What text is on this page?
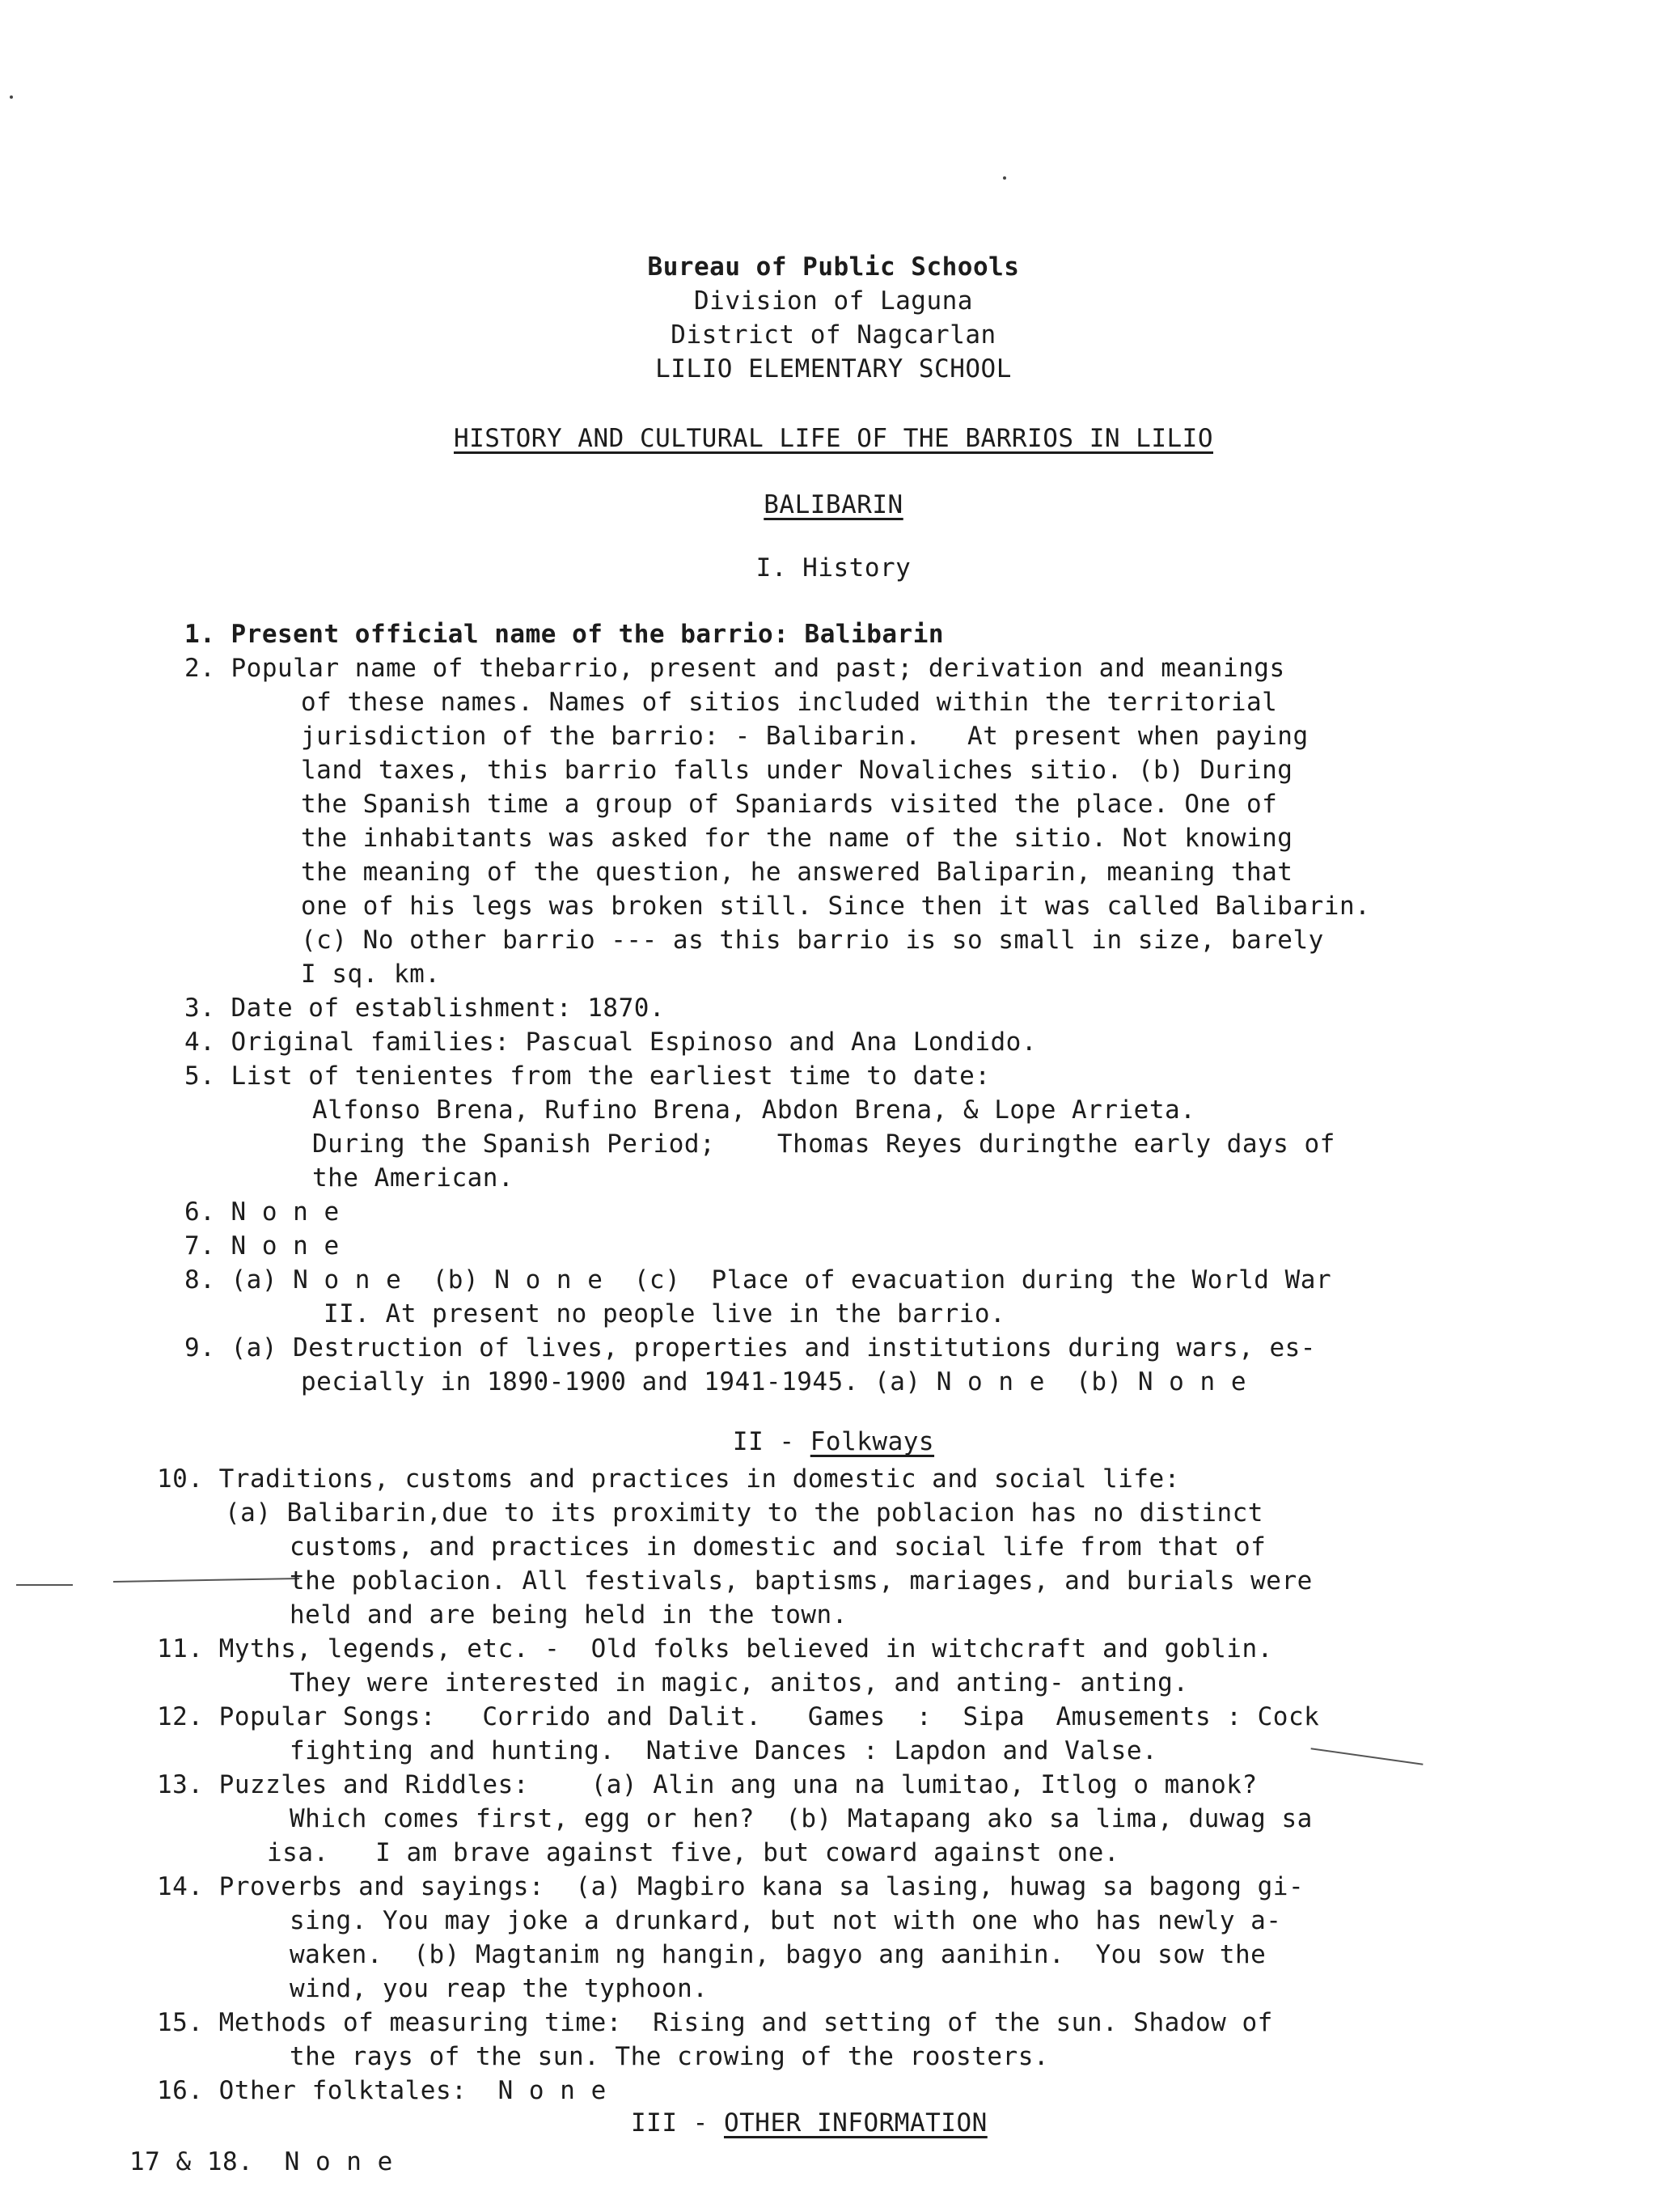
Bureau of Public Schools
Division of Laguna
District of Nagcarlan
LILIO ELEMENTARY SCHOOL
HISTORY AND CULTURAL LIFE OF THE BARRIOS IN LILIO
BALIBARIN
I. History
1. Present official name of the barrio: Balibarin
2. Popular name of thebarrio, present and past; derivation and meanings
of these names. Names of sitios included within the territorial
jurisdiction of the barrio: - Balibarin.   At present when paying
land taxes, this barrio falls under Novaliches sitio. (b) During
the Spanish time a group of Spaniards visited the place. One of
the inhabitants was asked for the name of the sitio. Not knowing
the meaning of the question, he answered Baliparin, meaning that
one of his legs was broken still. Since then it was called Balibarin.
(c) No other barrio --- as this barrio is so small in size, barely
I sq. km.
3. Date of establishment: 1870.
4. Original families: Pascual Espinoso and Ana Londido.
5. List of tenientes from the earliest time to date:
Alfonso Brena, Rufino Brena, Abdon Brena, & Lope Arrieta.
During the Spanish Period;    Thomas Reyes duringthe early days of
the American.
6. N o n e
7. N o n e
8. (a) N o n e  (b) N o n e  (c)  Place of evacuation during the World War
II. At present no people live in the barrio.
9. (a) Destruction of lives, properties and institutions during wars, es-
pecially in 1890-1900 and 1941-1945. (a) N o n e  (b) N o n e
II - Folkways
10. Traditions, customs and practices in domestic and social life:
(a) Balibarin,due to its proximity to the poblacion has no distinct
customs, and practices in domestic and social life from that of
the poblacion. All festivals, baptisms, mariages, and burials were
held and are being held in the town.
11. Myths, legends, etc. -  Old folks believed in witchcraft and goblin.
They were interested in magic, anitos, and anting- anting.
12. Popular Songs:   Corrido and Dalit.   Games  :  Sipa  Amusements : Cock
fighting and hunting.  Native Dances : Lapdon and Valse.
13. Puzzles and Riddles:    (a) Alin ang una na lumitao, Itlog o manok?
Which comes first, egg or hen?  (b) Matapang ako sa lima, duwag sa
isa.   I am brave against five, but coward against one.
14. Proverbs and sayings:  (a) Magbiro kana sa lasing, huwag sa bagong gi-
sing. You may joke a drunkard, but not with one who has newly a-
waken.  (b) Magtanim ng hangin, bagyo ang aanihin.  You sow the
wind, you reap the typhoon.
15. Methods of measuring time:  Rising and setting of the sun. Shadow of
the rays of the sun. The crowing of the roosters.
16. Other folktales:  N o n e
III - OTHER INFORMATION
17 & 18.  N o n e
